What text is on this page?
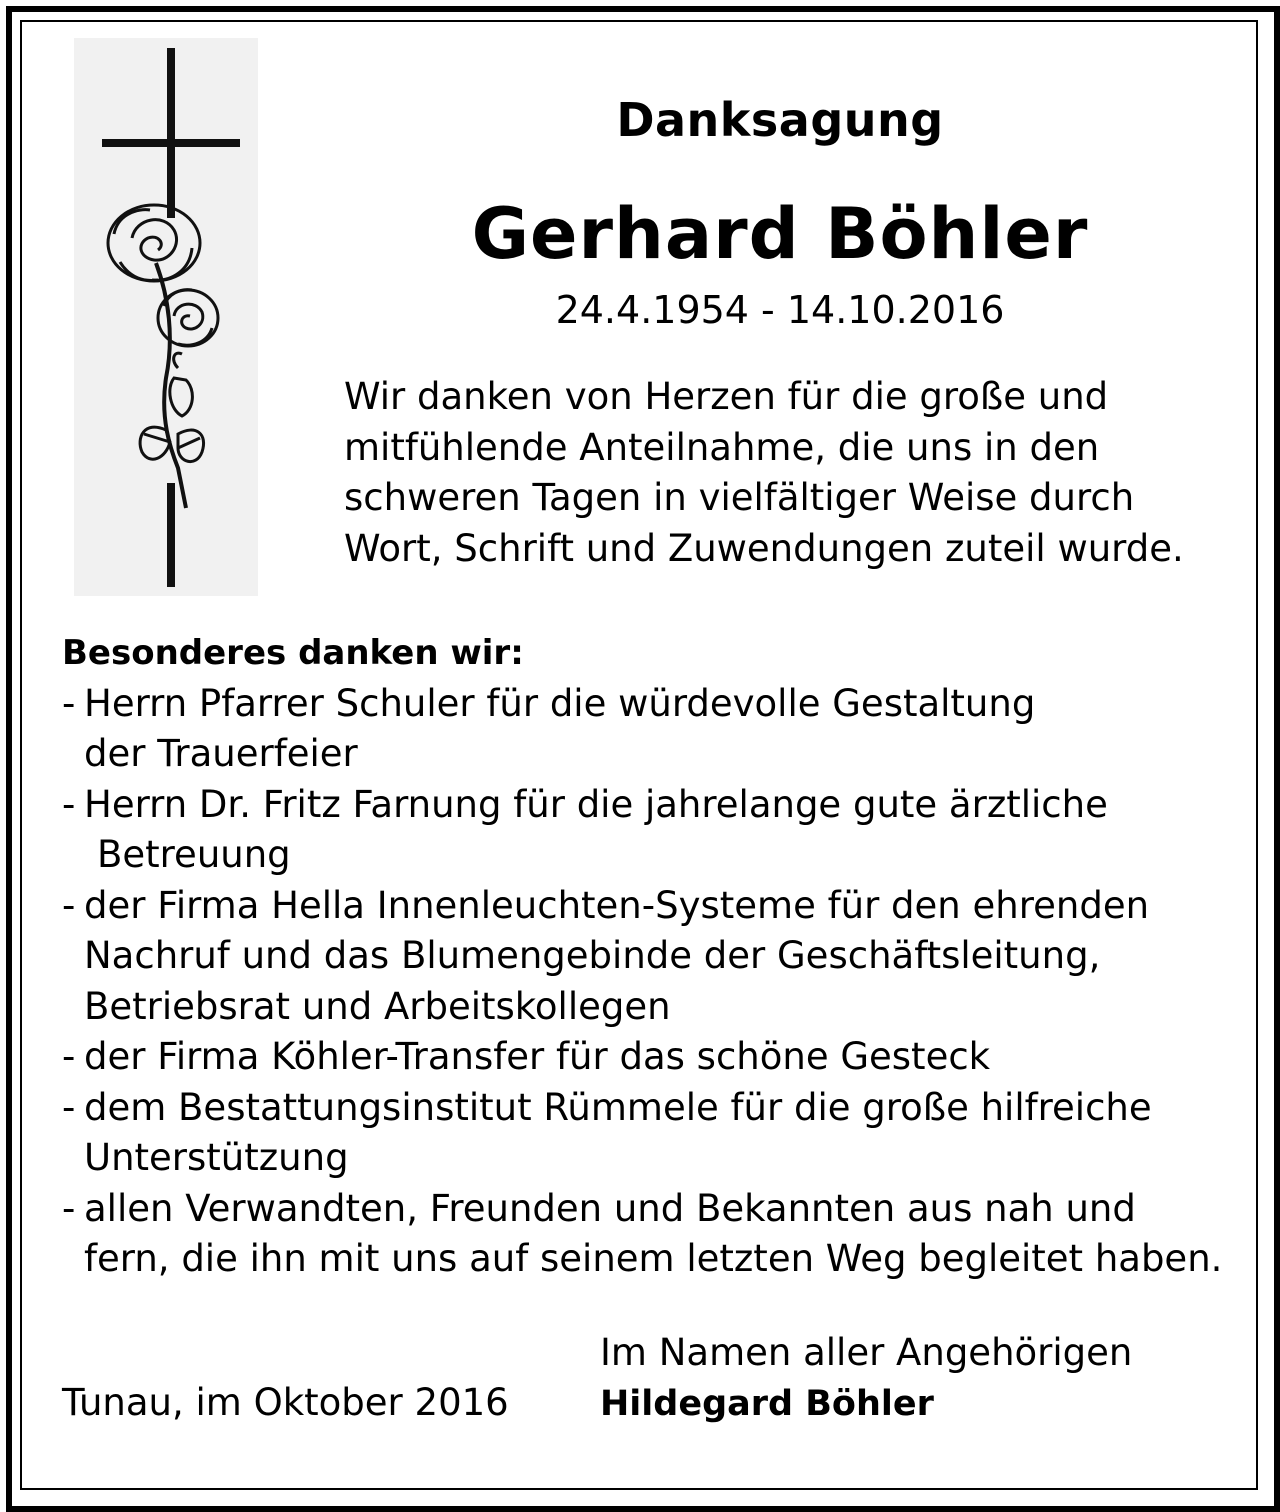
Danksagung
Gerhard Böhler
24.4.1954 - 14.10.2016
Wir danken von Herzen für die große und
mitfühlende Anteilnahme, die uns in den
schweren Tagen in vielfältiger Weise durch
Wort, Schrift und Zuwendungen zuteil wurde.
Besonderes danken wir:
- Herrn Pfarrer Schuler für die würdevolle Gestaltung
der Trauerfeier
- Herrn Dr. Fritz Farnung für die jahrelange gute ärztliche
Betreuung
- der Firma Hella Innenleuchten-Systeme für den ehrenden
Nachruf und das Blumengebinde der Geschäftsleitung,
Betriebsrat und Arbeitskollegen
- der Firma Köhler-Transfer für das schöne Gesteck
- dem Bestattungsinstitut Rümmele für die große hilfreiche
Unterstützung
- allen Verwandten, Freunden und Bekannten aus nah und
fern, die ihn mit uns auf seinem letzten Weg begleitet haben.
Tunau, im Oktober 2016
Im Namen aller Angehörigen
Hildegard Böhler
